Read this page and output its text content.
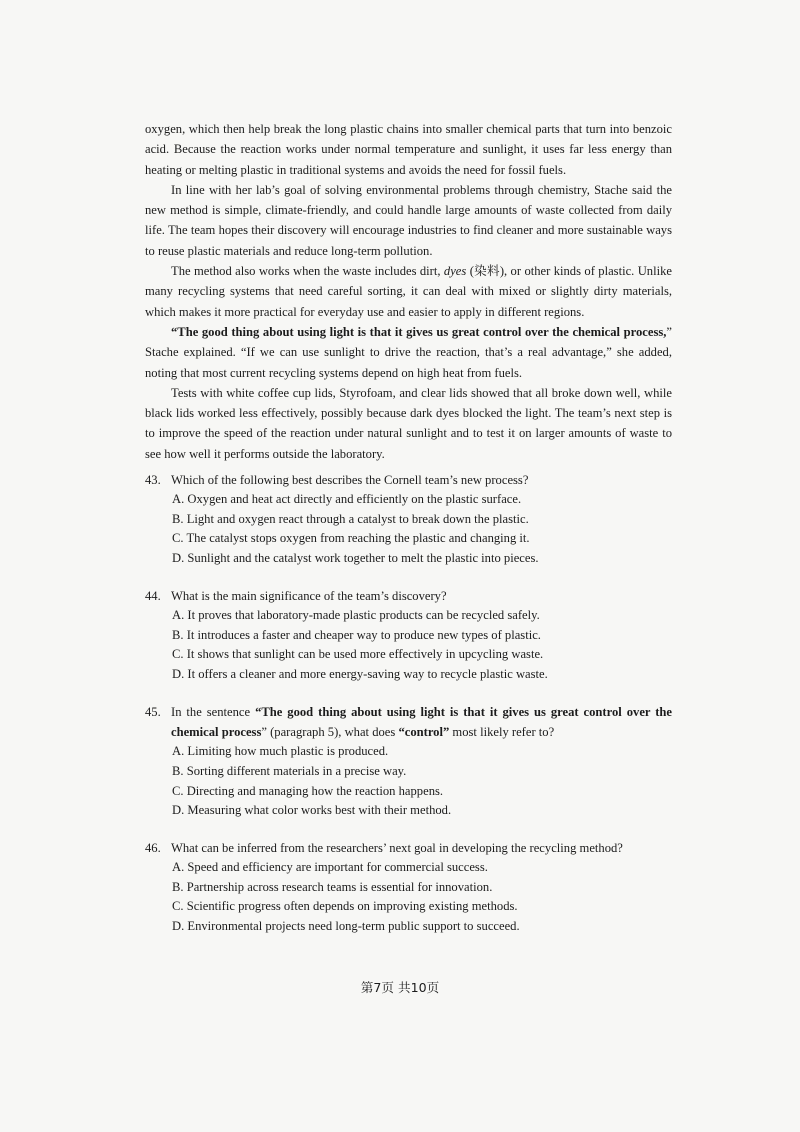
oxygen, which then help break the long plastic chains into smaller chemical parts that turn into benzoic acid. Because the reaction works under normal temperature and sunlight, it uses far less energy than heating or melting plastic in traditional systems and avoids the need for fossil fuels.

In line with her lab’s goal of solving environmental problems through chemistry, Stache said the new method is simple, climate-friendly, and could handle large amounts of waste collected from daily life. The team hopes their discovery will encourage industries to find cleaner and more sustainable ways to reuse plastic materials and reduce long-term pollution.

The method also works when the waste includes dirt, dyes (染料), or other kinds of plastic. Unlike many recycling systems that need careful sorting, it can deal with mixed or slightly dirty materials, which makes it more practical for everyday use and easier to apply in different regions.

“The good thing about using light is that it gives us great control over the chemical process,” Stache explained. “If we can use sunlight to drive the reaction, that’s a real advantage,” she added, noting that most current recycling systems depend on high heat from fuels.

Tests with white coffee cup lids, Styrofoam, and clear lids showed that all broke down well, while black lids worked less effectively, possibly because dark dyes blocked the light. The team’s next step is to improve the speed of the reaction under natural sunlight and to test it on larger amounts of waste to see how well it performs outside the laboratory.

43. Which of the following best describes the Cornell team’s new process?
A. Oxygen and heat act directly and efficiently on the plastic surface.
B. Light and oxygen react through a catalyst to break down the plastic.
C. The catalyst stops oxygen from reaching the plastic and changing it.
D. Sunlight and the catalyst work together to melt the plastic into pieces.
44. What is the main significance of the team’s discovery?
A. It proves that laboratory-made plastic products can be recycled safely.
B. It introduces a faster and cheaper way to produce new types of plastic.
C. It shows that sunlight can be used more effectively in upcycling waste.
D. It offers a cleaner and more energy-saving way to recycle plastic waste.
45. In the sentence “The good thing about using light is that it gives us great control over the chemical process” (paragraph 5), what does “control” most likely refer to?
A. Limiting how much plastic is produced.
B. Sorting different materials in a precise way.
C. Directing and managing how the reaction happens.
D. Measuring what color works best with their method.
46. What can be inferred from the researchers’ next goal in developing the recycling method?
A. Speed and efficiency are important for commercial success.
B. Partnership across research teams is essential for innovation.
C. Scientific progress often depends on improving existing methods.
D. Environmental projects need long-term public support to succeed.
第7页 共10页
